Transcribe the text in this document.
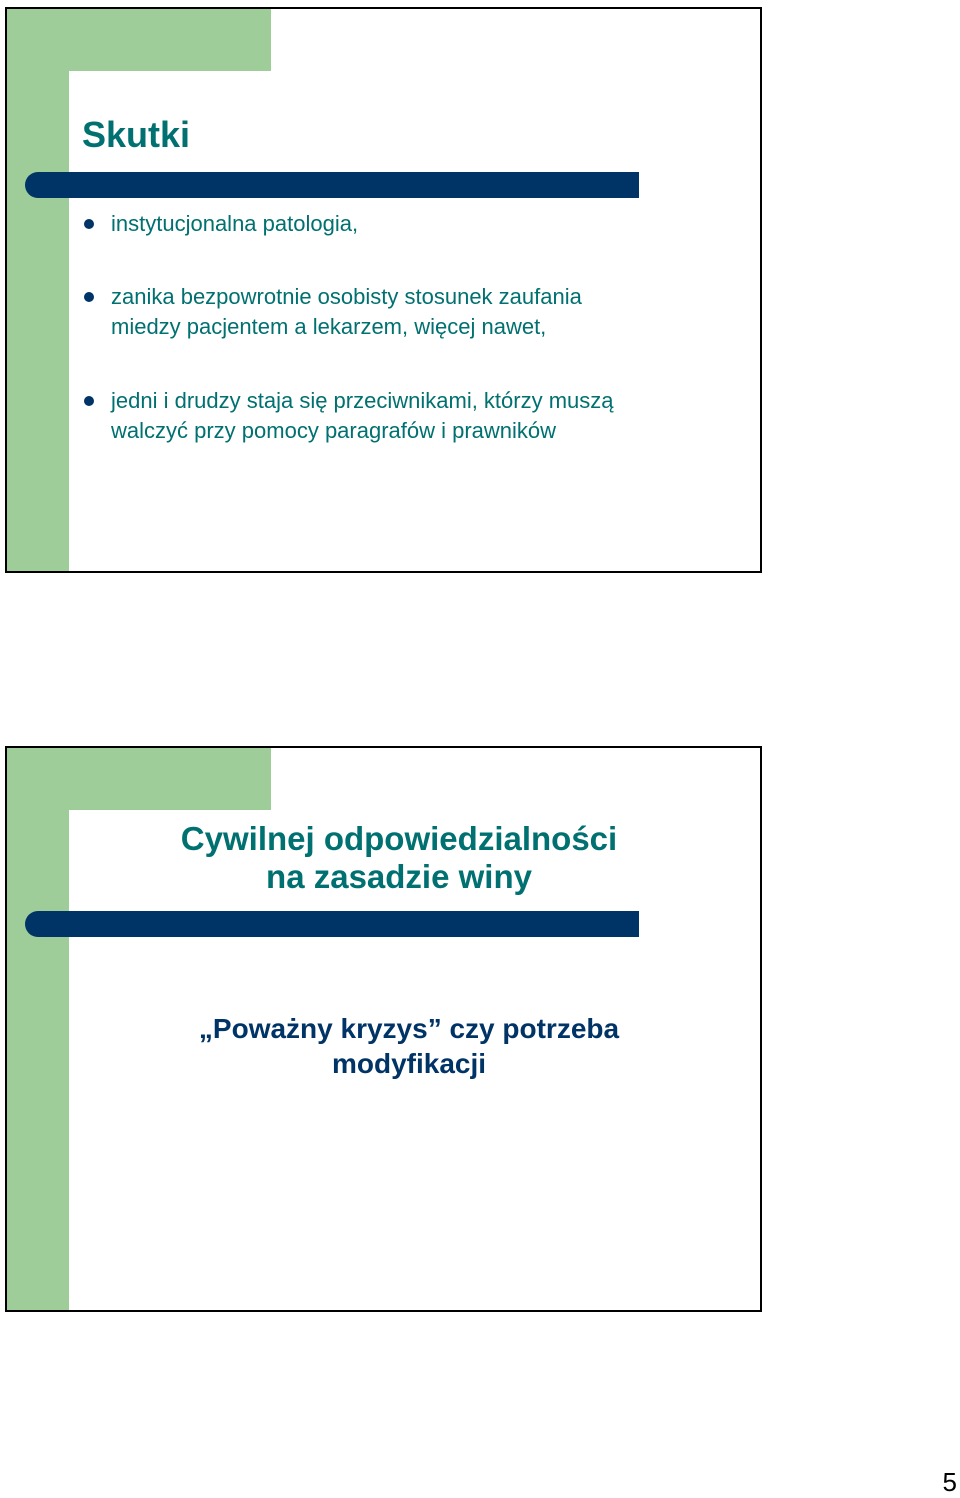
Skutki
instytucjonalna patologia,
zanika bezpowrotnie osobisty stosunek zaufania
miedzy pacjentem a lekarzem, więcej nawet,
jedni i drudzy staja się przeciwnikami, którzy muszą
walczyć przy pomocy paragrafów i prawników
Cywilnej odpowiedzialności
na zasadzie winy
„Poważny kryzys” czy potrzeba
modyfikacji
5
